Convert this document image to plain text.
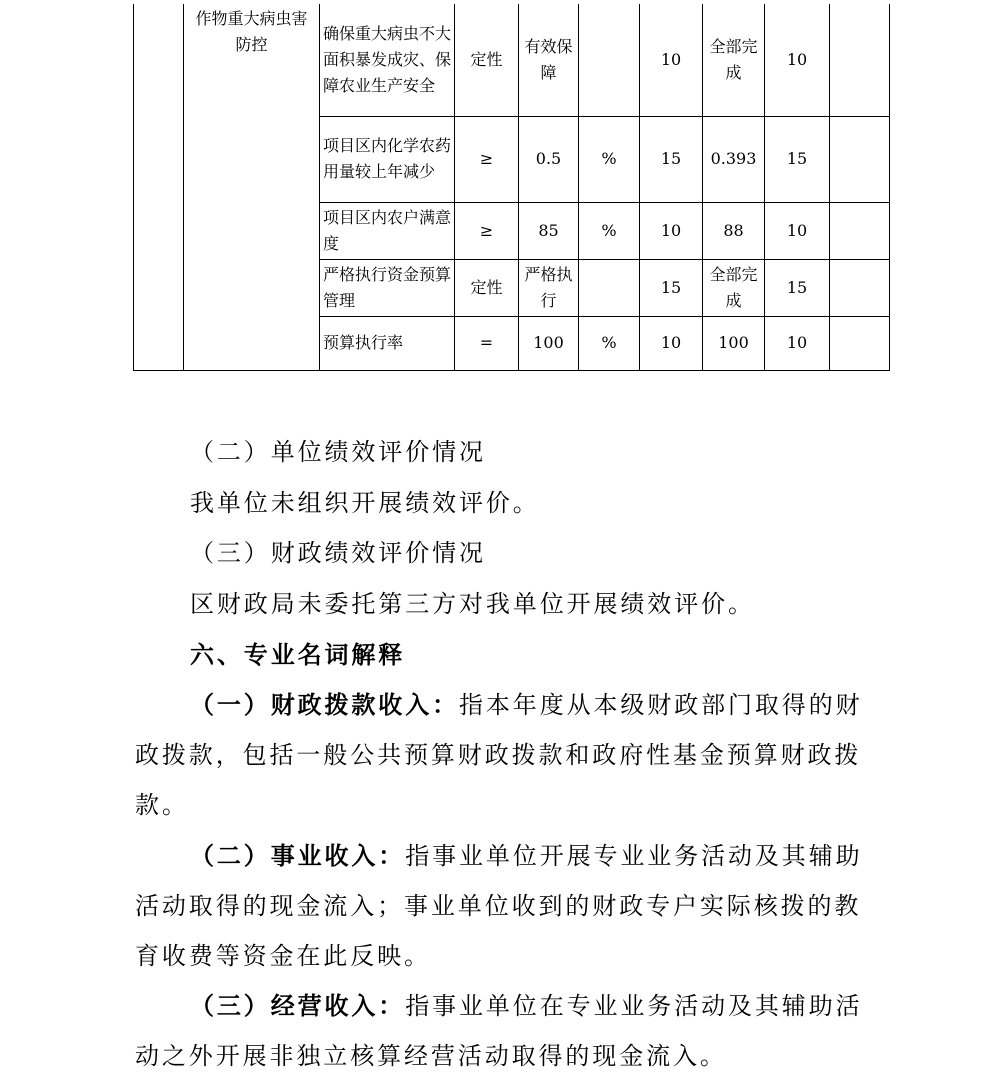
	作物重大病虫害防控	确保重大病虫不大面积暴发成灾、保障农业生产安全	定性	有效保障		10	全部完成	10	
		项目区内化学农药用量较上年减少	≥	0.5	%	15	0.393	15	
		项目区内农户满意度	≥	85	%	10	88	10	
		严格执行资金预算管理	定性	严格执行		15	全部完成	15	
		预算执行率	=	100	%	10	100	10	
（二）单位绩效评价情况
我单位未组织开展绩效评价。
（三）财政绩效评价情况
区财政局未委托第三方对我单位开展绩效评价。
六、专业名词解释
（一）财政拨款收入：指本年度从本级财政部门取得的财
政拨款，包括一般公共预算财政拨款和政府性基金预算财政拨
款。
（二）事业收入：指事业单位开展专业业务活动及其辅助
活动取得的现金流入；事业单位收到的财政专户实际核拨的教
育收费等资金在此反映。
（三）经营收入：指事业单位在专业业务活动及其辅助活
动之外开展非独立核算经营活动取得的现金流入。
